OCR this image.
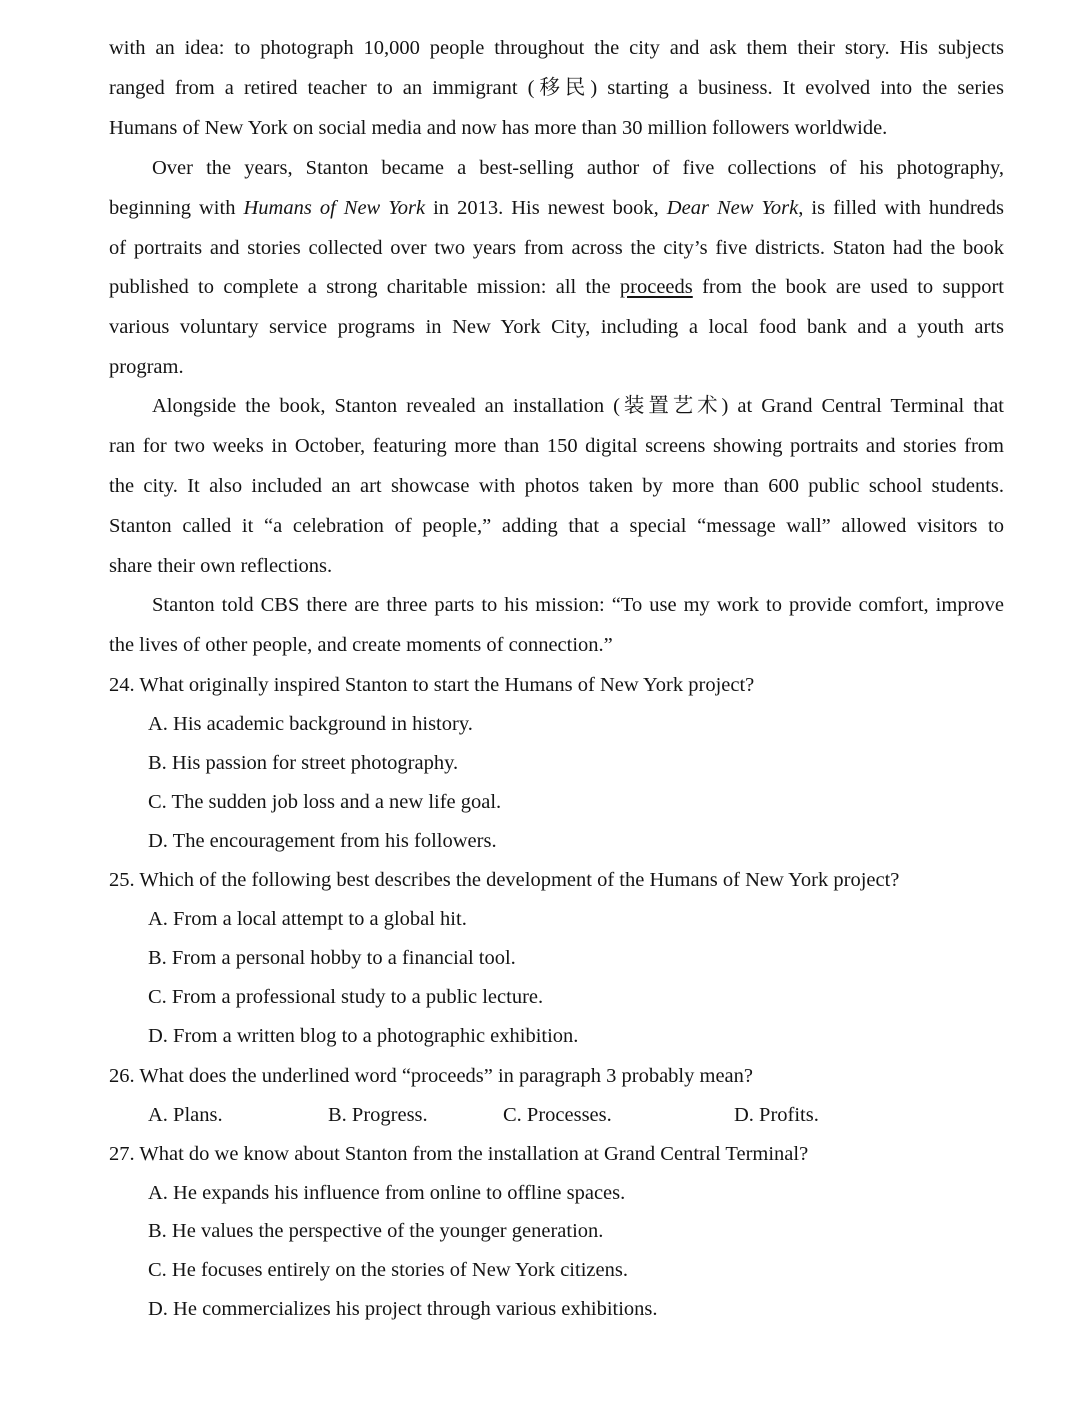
with an idea: to photograph 10,000 people throughout the city and ask them their story. His subjects
ranged from a retired teacher to an immigrant (移民) starting a business. It evolved into the series
Humans of New York on social media and now has more than 30 million followers worldwide.
Over the years, Stanton became a best-selling author of five collections of his photography,
beginning with Humans of New York in 2013. His newest book, Dear New York, is filled with hundreds
of portraits and stories collected over two years from across the city’s five districts. Staton had the book
published to complete a strong charitable mission: all the proceeds from the book are used to support
various voluntary service programs in New York City, including a local food bank and a youth arts
program.
Alongside the book, Stanton revealed an installation (装置艺术) at Grand Central Terminal that
ran for two weeks in October, featuring more than 150 digital screens showing portraits and stories from
the city. It also included an art showcase with photos taken by more than 600 public school students.
Stanton called it “a celebration of people,” adding that a special “message wall” allowed visitors to
share their own reflections.
Stanton told CBS there are three parts to his mission: “To use my work to provide comfort, improve
the lives of other people, and create moments of connection.”
24. What originally inspired Stanton to start the Humans of New York project?
A. His academic background in history.
B. His passion for street photography.
C. The sudden job loss and a new life goal.
D. The encouragement from his followers.
25. Which of the following best describes the development of the Humans of New York project?
A. From a local attempt to a global hit.
B. From a personal hobby to a financial tool.
C. From a professional study to a public lecture.
D. From a written blog to a photographic exhibition.
26. What does the underlined word “proceeds” in paragraph 3 probably mean?
A. Plans.	B. Progress.	C. Processes.	D. Profits.
27. What do we know about Stanton from the installation at Grand Central Terminal?
A. He expands his influence from online to offline spaces.
B. He values the perspective of the younger generation.
C. He focuses entirely on the stories of New York citizens.
D. He commercializes his project through various exhibitions.
